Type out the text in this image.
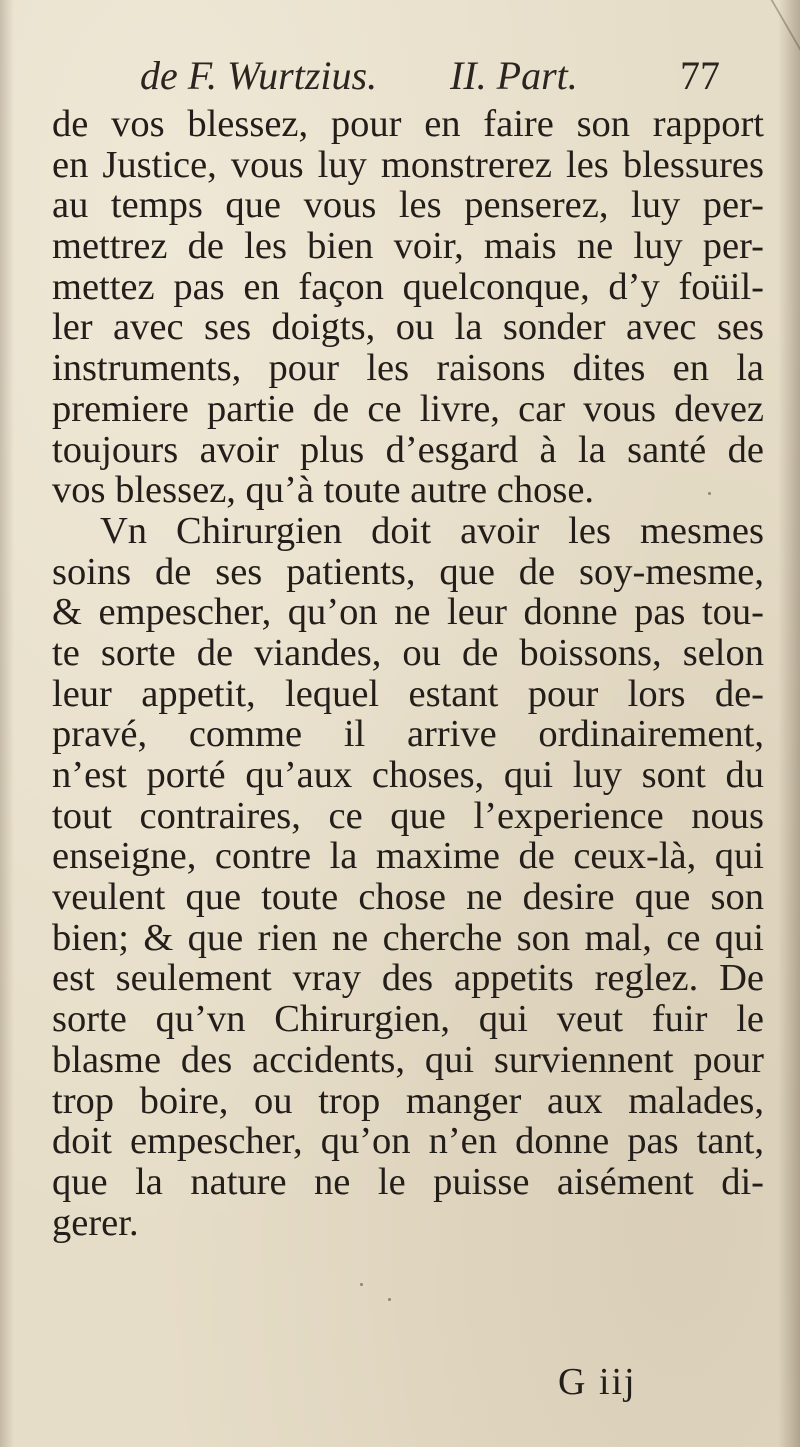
de F. Wurtzius. II. Part.	77
de vos blessez, pour en faire son rapport
en Justice, vous luy monstrerez les blessures
au temps que vous les penserez, luy per-
mettrez de les bien voir, mais ne luy per-
mettez pas en façon quelconque, d’y foüil-
ler avec ses doigts, ou la sonder avec ses
instruments, pour les raisons dites en la
premiere partie de ce livre, car vous devez
toujours avoir plus d’esgard à la santé de
vos blessez, qu’à toute autre chose.
Vn Chirurgien doit avoir les mesmes
soins de ses patients, que de soy-mesme,
& empescher, qu’on ne leur donne pas tou-
te sorte de viandes, ou de boissons, selon
leur appetit, lequel estant pour lors de-
pravé, comme il arrive ordinairement,
n’est porté qu’aux choses, qui luy sont du
tout contraires, ce que l’experience nous
enseigne, contre la maxime de ceux-là, qui
veulent que toute chose ne desire que son
bien; & que rien ne cherche son mal, ce qui
est seulement vray des appetits reglez. De
sorte qu’vn Chirurgien, qui veut fuir le
blasme des accidents, qui surviennent pour
trop boire, ou trop manger aux malades,
doit empescher, qu’on n’en donne pas tant,
que la nature ne le puisse aisément di-
gerer.
G iij
